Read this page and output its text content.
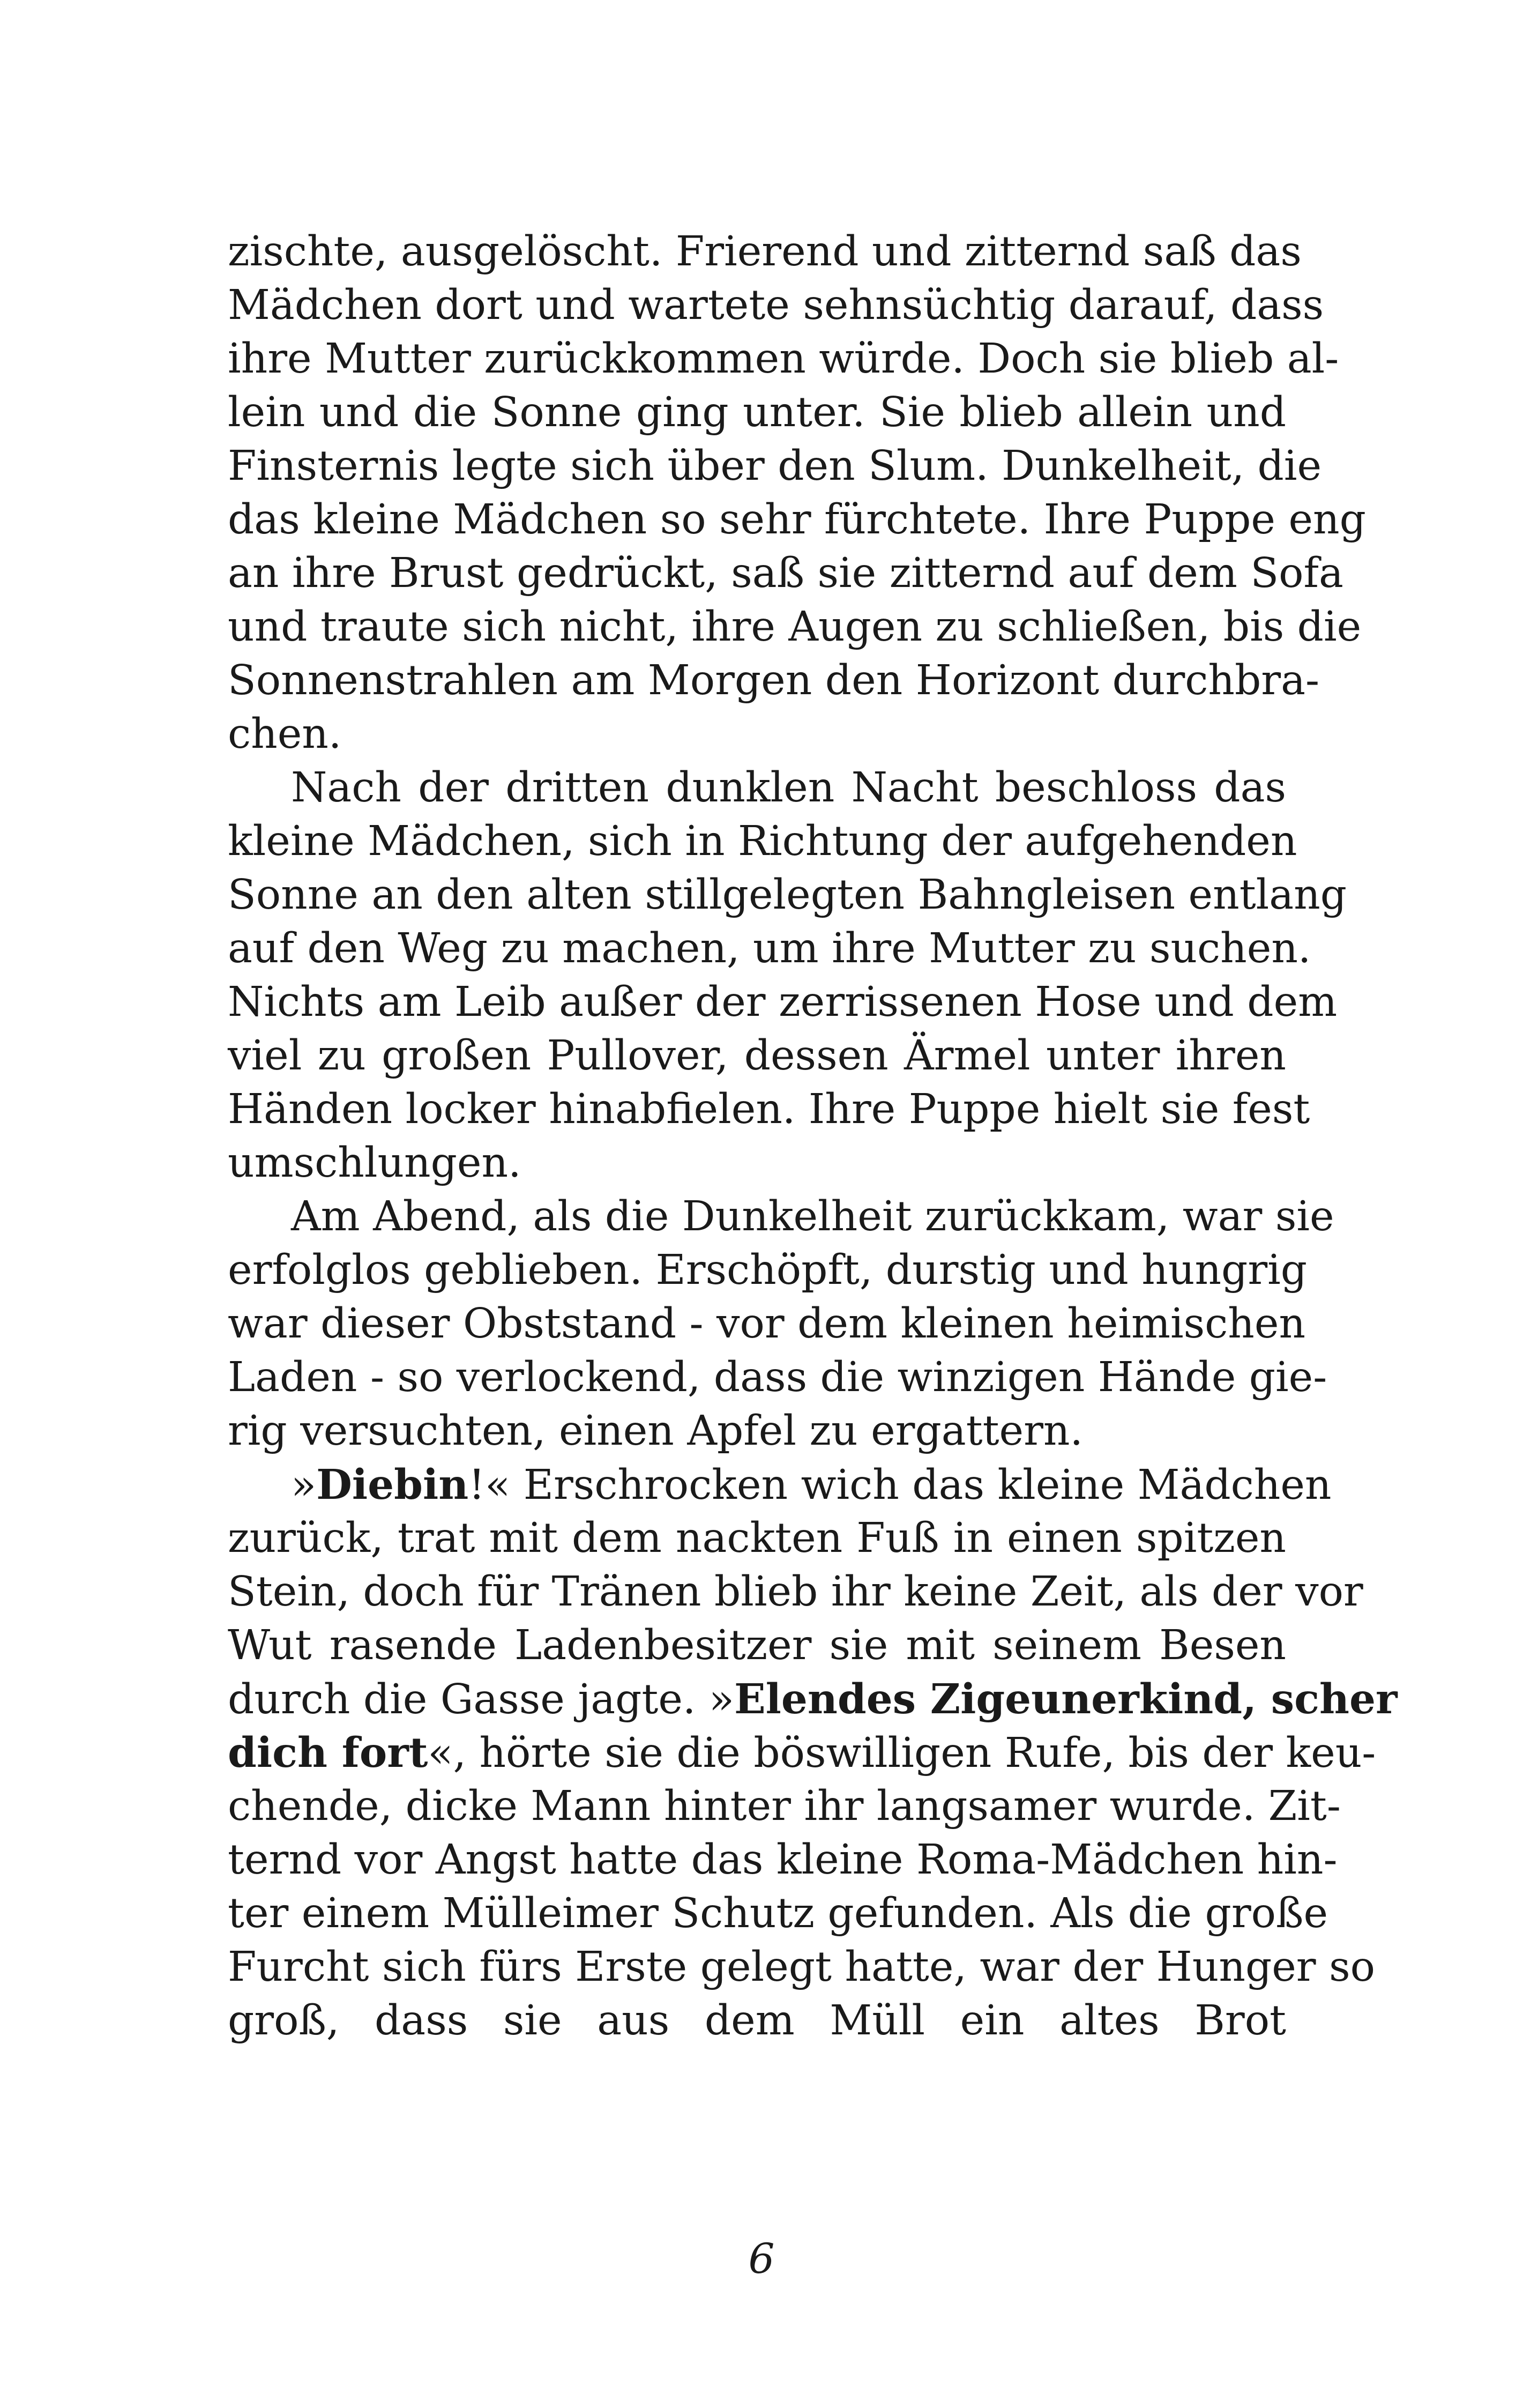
zischte, ausgelöscht. Frierend und zitternd saß das
Mädchen dort und wartete sehnsüchtig darauf, dass
ihre Mutter zurückkommen würde. Doch sie blieb al-
lein und die Sonne ging unter. Sie blieb allein und
Finsternis legte sich über den Slum. Dunkelheit, die
das kleine Mädchen so sehr fürchtete. Ihre Puppe eng
an ihre Brust gedrückt, saß sie zitternd auf dem Sofa
und traute sich nicht, ihre Augen zu schließen, bis die
Sonnenstrahlen am Morgen den Horizont durchbra-
chen.
Nach der dritten dunklen Nacht beschloss das
kleine Mädchen, sich in Richtung der aufgehenden
Sonne an den alten stillgelegten Bahngleisen entlang
auf den Weg zu machen, um ihre Mutter zu suchen.
Nichts am Leib außer der zerrissenen Hose und dem
viel zu großen Pullover, dessen Ärmel unter ihren
Händen locker hinabfielen. Ihre Puppe hielt sie fest
umschlungen.
Am Abend, als die Dunkelheit zurückkam, war sie
erfolglos geblieben. Erschöpft, durstig und hungrig
war dieser Obststand - vor dem kleinen heimischen
Laden - so verlockend, dass die winzigen Hände gie-
rig versuchten, einen Apfel zu ergattern.
»Diebin!« Erschrocken wich das kleine Mädchen
zurück, trat mit dem nackten Fuß in einen spitzen
Stein, doch für Tränen blieb ihr keine Zeit, als der vor
Wut rasende Ladenbesitzer sie mit seinem Besen
durch die Gasse jagte. »Elendes Zigeunerkind, scher
dich fort«, hörte sie die böswilligen Rufe, bis der keu-
chende, dicke Mann hinter ihr langsamer wurde. Zit-
ternd vor Angst hatte das kleine Roma-Mädchen hin-
ter einem Mülleimer Schutz gefunden. Als die große
Furcht sich fürs Erste gelegt hatte, war der Hunger so
groß, dass sie aus dem Müll ein altes Brot
6
